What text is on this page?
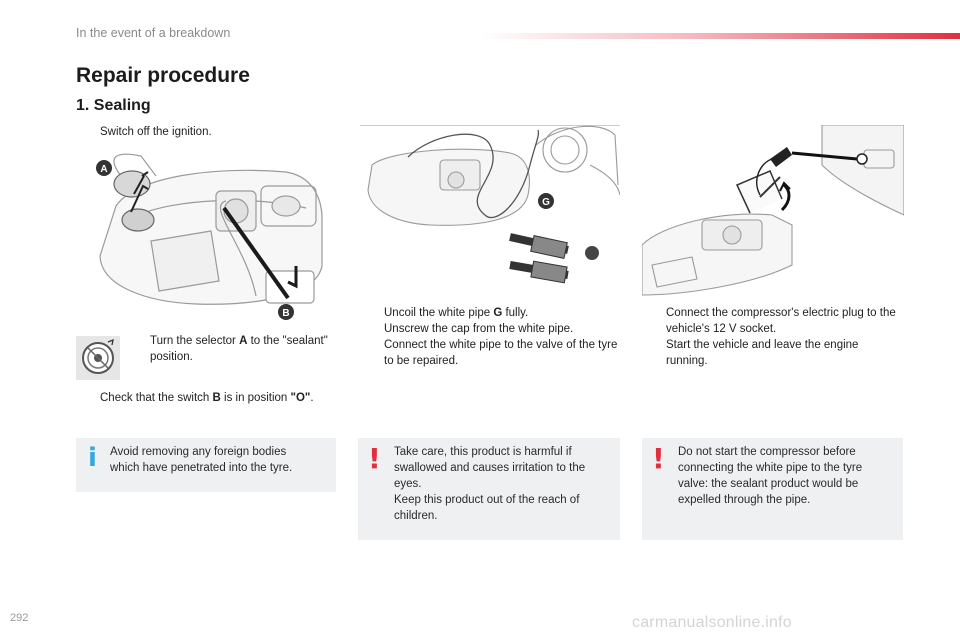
In the event of a breakdown
Repair procedure
1. Sealing
Switch off the ignition.
A
B
Turn the selector A to the "sealant" position.
Check that the switch B is in position "O".
i Avoid removing any foreign bodies which have penetrated into the tyre.
G
Uncoil the white pipe G fully.
Unscrew the cap from the white pipe.
Connect the white pipe to the valve of the tyre to be repaired.
! Take care, this product is harmful if swallowed and causes irritation to the eyes.
Keep this product out of the reach of children.
Connect the compressor's electric plug to the vehicle's 12 V socket.
Start the vehicle and leave the engine running.
! Do not start the compressor before connecting the white pipe to the tyre valve: the sealant product would be expelled through the pipe.
292	carmanualsonline.info
